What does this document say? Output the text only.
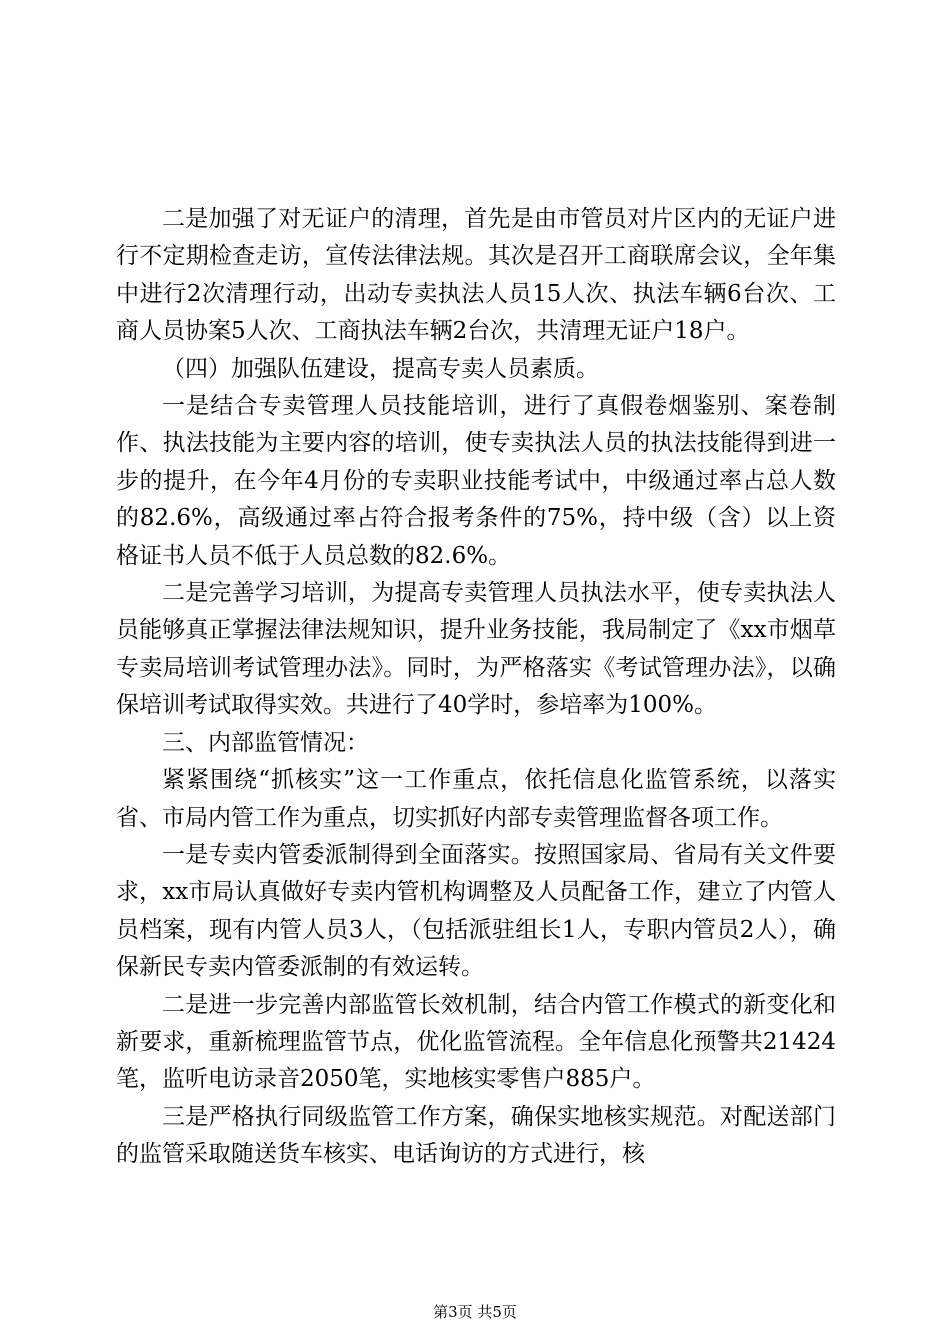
二是加强了对无证户的清理，首先是由市管员对片区内的无证户进行不定期检查走访，宣传法律法规。其次是召开工商联席会议，全年集中进行2次清理行动，出动专卖执法人员15人次、执法车辆6台次、工商人员协案5人次、工商执法车辆2台次，共清理无证户18户。

（四）加强队伍建设，提高专卖人员素质。

一是结合专卖管理人员技能培训，进行了真假卷烟鉴别、案卷制作、执法技能为主要内容的培训，使专卖执法人员的执法技能得到进一步的提升，在今年4月份的专卖职业技能考试中，中级通过率占总人数的82.6%，高级通过率占符合报考条件的75%，持中级（含）以上资格证书人员不低于人员总数的82.6%。

二是完善学习培训，为提高专卖管理人员执法水平，使专卖执法人员能够真正掌握法律法规知识，提升业务技能，我局制定了《xx市烟草专卖局培训考试管理办法》。同时，为严格落实《考试管理办法》，以确保培训考试取得实效。共进行了40学时，参培率为100%。

三、内部监管情况：

紧紧围绕“抓核实”这一工作重点，依托信息化监管系统，以落实省、市局内管工作为重点，切实抓好内部专卖管理监督各项工作。

一是专卖内管委派制得到全面落实。按照国家局、省局有关文件要求，xx市局认真做好专卖内管机构调整及人员配备工作，建立了内管人员档案，现有内管人员3人，（包括派驻组长1人，专职内管员2人），确保新民专卖内管委派制的有效运转。

二是进一步完善内部监管长效机制，结合内管工作模式的新变化和新要求，重新梳理监管节点，优化监管流程。全年信息化预警共21424笔，监听电访录音2050笔，实地核实零售户885户。

三是严格执行同级监管工作方案，确保实地核实规范。对配送部门的监管采取随送货车核实、电话询访的方式进行，核

第3页 共5页
